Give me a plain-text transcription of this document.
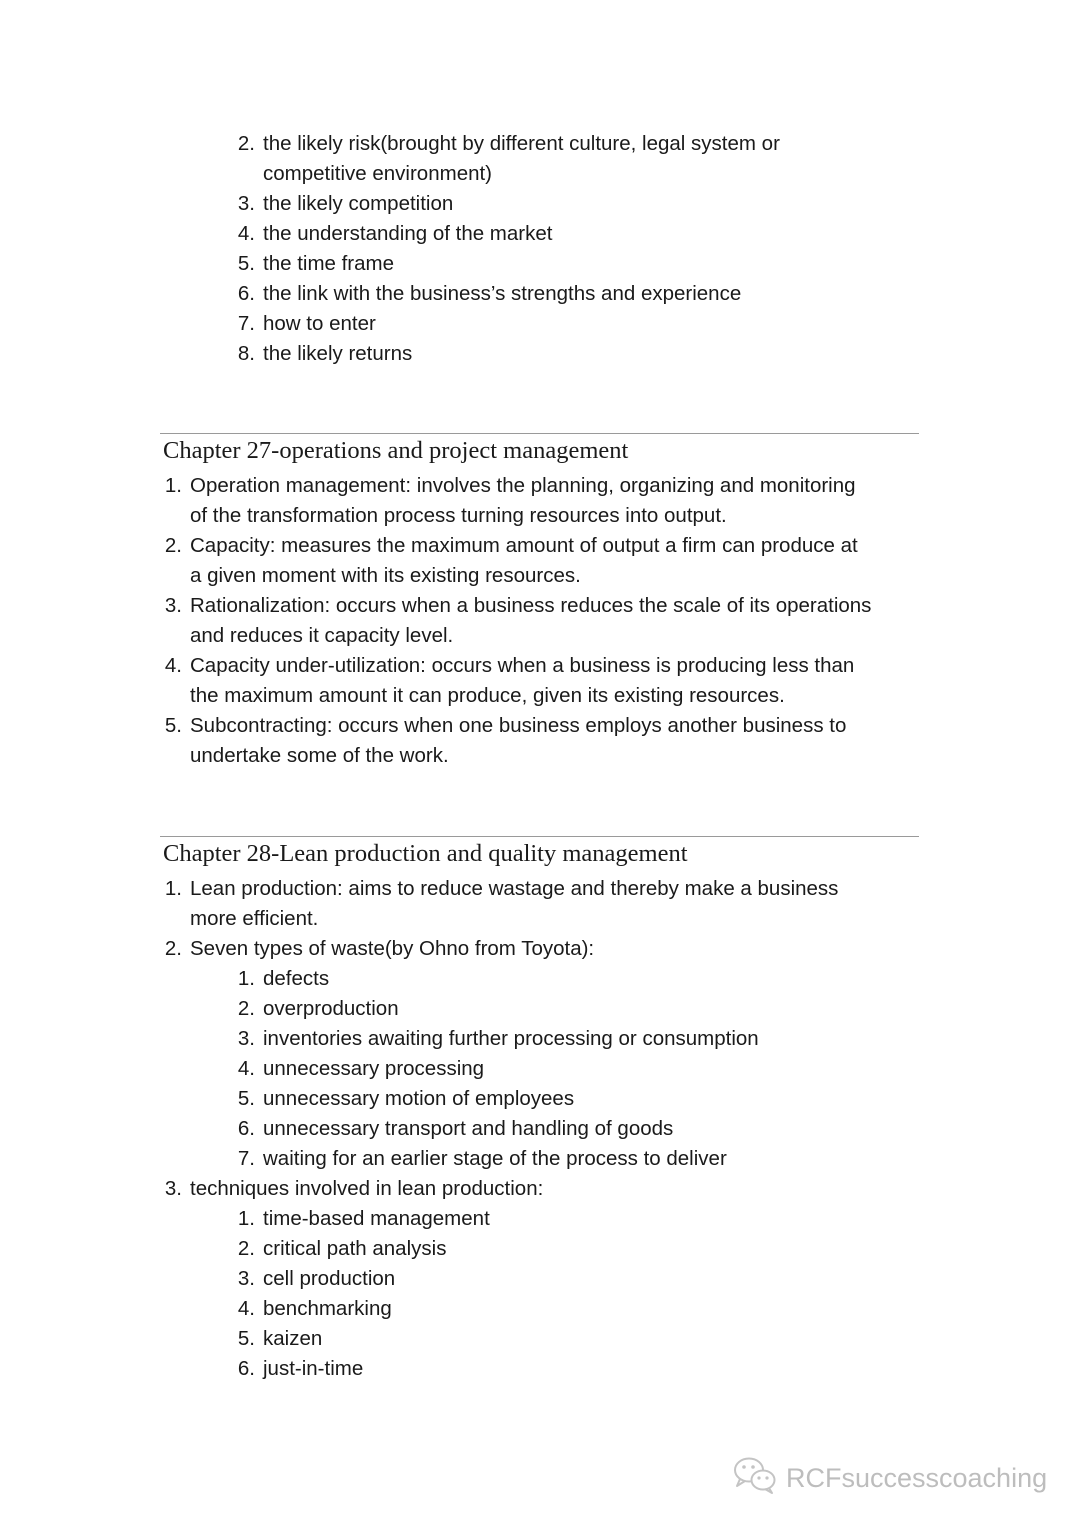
2. the likely risk(brought by different culture, legal system or
competitive environment)
3. the likely competition
4. the understanding of the market
5. the time frame
6. the link with the business’s strengths and experience
7. how to enter
8. the likely returns
Chapter 27-operations and project management
1. Operation management: involves the planning, organizing and monitoring
of the transformation process turning resources into output.
2. Capacity: measures the maximum amount of output a firm can produce at
a given moment with its existing resources.
3. Rationalization: occurs when a business reduces the scale of its operations
and reduces it capacity level.
4. Capacity under-utilization: occurs when a business is producing less than
the maximum amount it can produce, given its existing resources.
5. Subcontracting: occurs when one business employs another business to
undertake some of the work.
Chapter 28-Lean production and quality management
1. Lean production: aims to reduce wastage and thereby make a business
more efficient.
2. Seven types of waste(by Ohno from Toyota):
1. defects
2. overproduction
3. inventories awaiting further processing or consumption
4. unnecessary processing
5. unnecessary motion of employees
6. unnecessary transport and handling of goods
7. waiting for an earlier stage of the process to deliver
3. techniques involved in lean production:
1. time-based management
2. critical path analysis
3. cell production
4. benchmarking
5. kaizen
6. just-in-time
RCFsuccesscoaching
